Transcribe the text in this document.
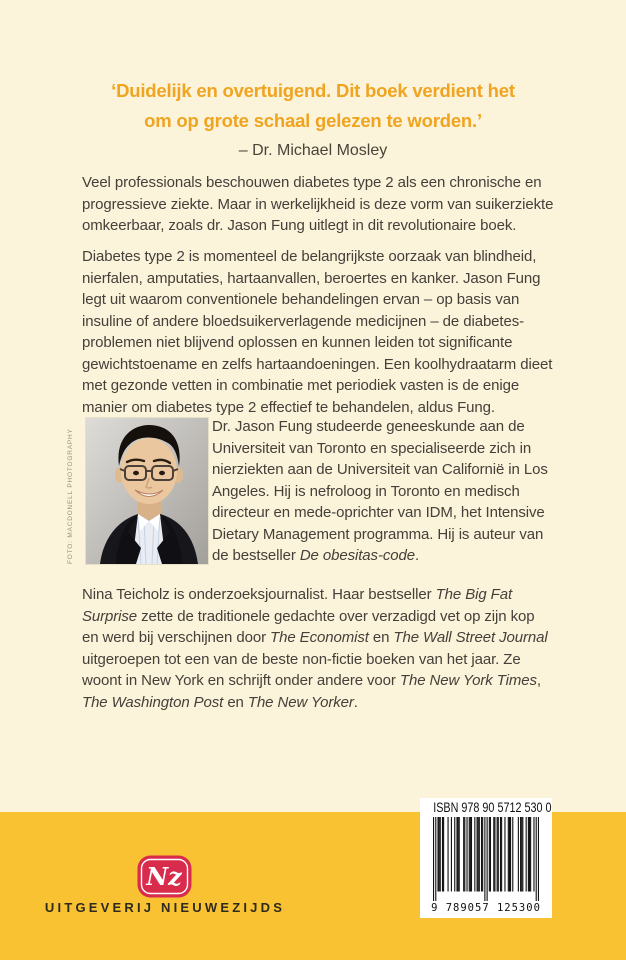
‘Duidelijk en overtuigend. Dit boek verdient het
om op grote schaal gelezen te worden.’
– Dr. Michael Mosley

Veel professionals beschouwen diabetes type 2 als een chronische en progressieve ziekte. Maar in werkelijkheid is deze vorm van suikerziekte omkeerbaar, zoals dr. Jason Fung uitlegt in dit revolutionaire boek.

Diabetes type 2 is momenteel de belangrijkste oorzaak van blindheid, nierfalen, amputaties, hartaanvallen, beroertes en kanker. Jason Fung legt uit waarom conventionele behandelingen ervan – op basis van insuline of andere bloedsuikerverlagende medicijnen – de diabetes-problemen niet blijvend oplossen en kunnen leiden tot significante gewichtstoename en zelfs hartaandoeningen. Een koolhydraatarm dieet met gezonde vetten in combinatie met periodiek vasten is de enige manier om diabetes type 2 effectief te behandelen, aldus Fung.

FOTO: MACDONELL PHOTOGRAPHY

Dr. Jason Fung studeerde geneeskunde aan de Universiteit van Toronto en specialiseerde zich in nierziekten aan de Universiteit van Californië in Los Angeles. Hij is nefroloog in Toronto en medisch directeur en mede-oprichter van IDM, het Intensive Dietary Management programma. Hij is auteur van de bestseller De obesitas-code.

Nina Teicholz is onderzoeksjournalist. Haar bestseller The Big Fat Surprise zette de traditionele gedachte over verzadigd vet op zijn kop en werd bij verschijnen door The Economist en The Wall Street Journal uitgeroepen tot een van de beste non-fictie boeken van het jaar. Ze woont in New York en schrijft onder andere voor The New York Times, The Washington Post en The New Yorker.

Nz
UITGEVERIJ NIEUWEZIJDS
ISBN 978 90 5712 530 0
9 789057 125300
